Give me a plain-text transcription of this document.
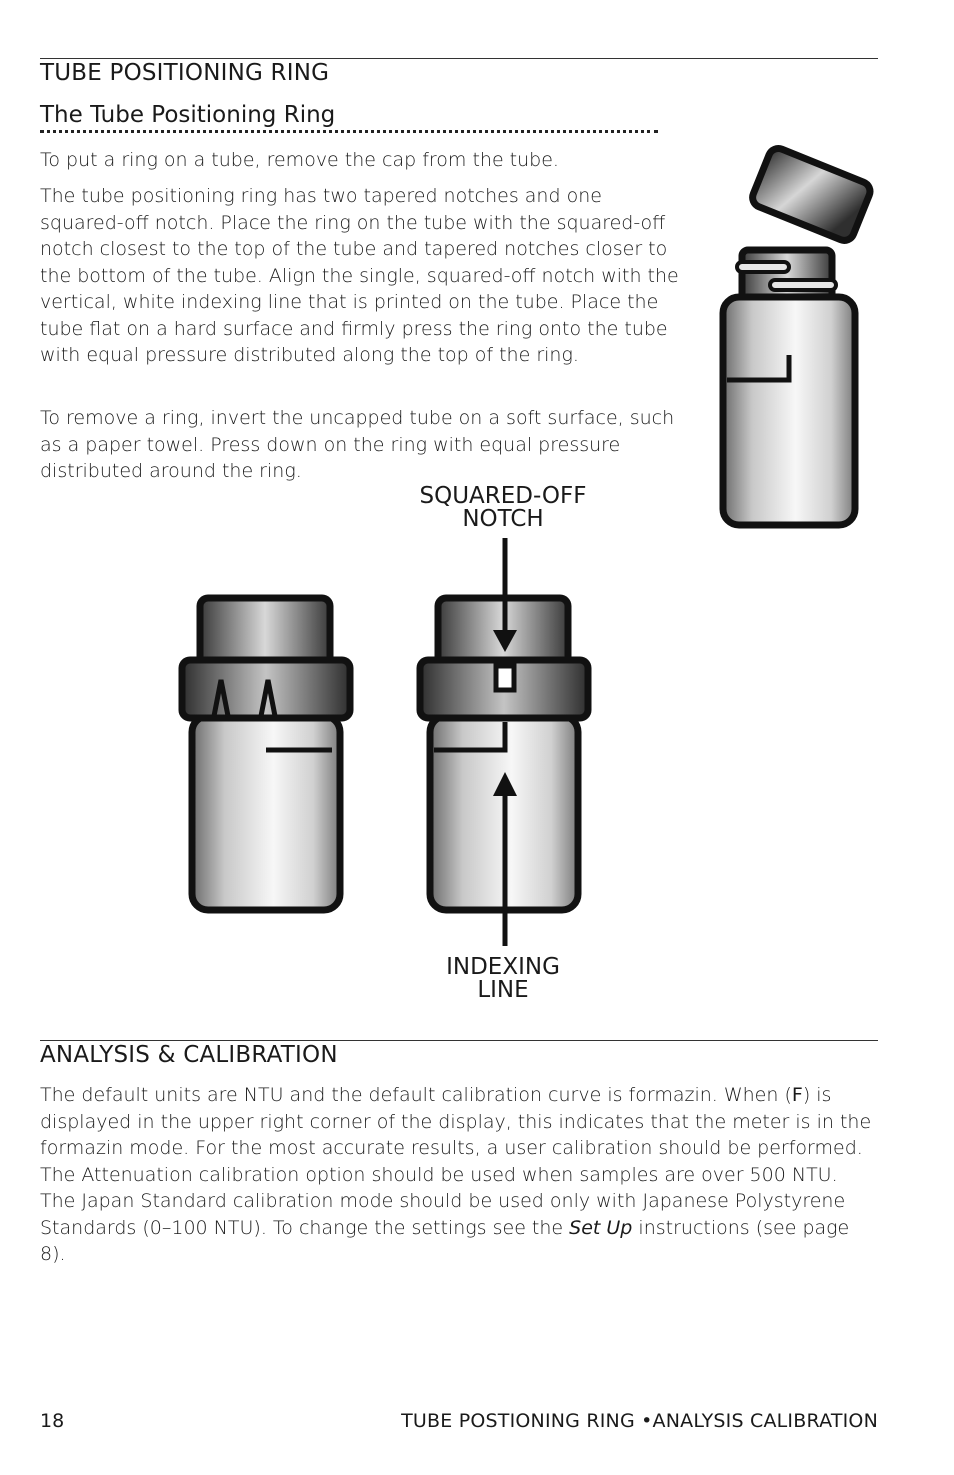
TUBE POSITIONING RING
The Tube Positioning Ring

To put a ring on a tube, remove the cap from the tube.

The tube positioning ring has two tapered notches and one squared-off notch. Place the ring on the tube with the squared-off notch closest to the top of the tube and tapered notches closer to the bottom of the tube. Align the single, squared-off notch with the vertical, white indexing line that is printed on the tube. Place the tube flat on a hard surface and firmly press the ring onto the tube with equal pressure distributed along the top of the ring.

To remove a ring, invert the uncapped tube on a soft surface, such as a paper towel. Press down on the ring with equal pressure distributed around the ring.

SQUARED-OFF
NOTCH

INDEXING
LINE

ANALYSIS & CALIBRATION

The default units are NTU and the default calibration curve is formazin. When (F) is displayed in the upper right corner of the display, this indicates that the meter is in the formazin mode. For the most accurate results, a user calibration should be performed. The Attenuation calibration option should be used when samples are over 500 NTU. The Japan Standard calibration mode should be used only with Japanese Polystyrene Standards (0–100 NTU). To change the settings see the Set Up instructions (see page 8).

18	TUBE POSTIONING RING •ANALYSIS CALIBRATION
